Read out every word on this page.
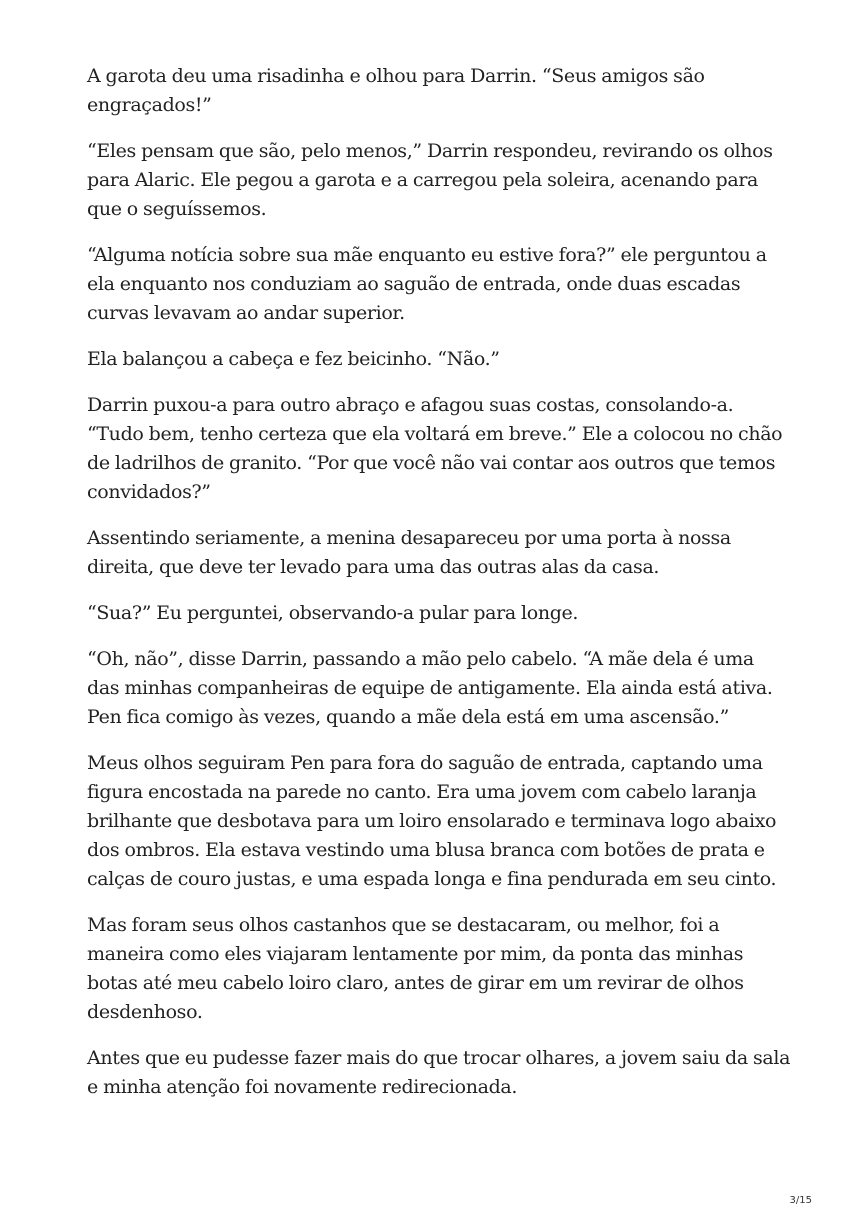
A garota deu uma risadinha e olhou para Darrin. “Seus amigos são
engraçados!”

“Eles pensam que são, pelo menos,” Darrin respondeu, revirando os olhos
para Alaric. Ele pegou a garota e a carregou pela soleira, acenando para
que o seguíssemos.

“Alguma notícia sobre sua mãe enquanto eu estive fora?” ele perguntou a
ela enquanto nos conduziam ao saguão de entrada, onde duas escadas
curvas levavam ao andar superior.

Ela balançou a cabeça e fez beicinho. “Não.”

Darrin puxou-a para outro abraço e afagou suas costas, consolando-a.
“Tudo bem, tenho certeza que ela voltará em breve.” Ele a colocou no chão
de ladrilhos de granito. “Por que você não vai contar aos outros que temos
convidados?”

Assentindo seriamente, a menina desapareceu por uma porta à nossa
direita, que deve ter levado para uma das outras alas da casa.

“Sua?” Eu perguntei, observando-a pular para longe.

“Oh, não”, disse Darrin, passando a mão pelo cabelo. “A mãe dela é uma
das minhas companheiras de equipe de antigamente. Ela ainda está ativa.
Pen fica comigo às vezes, quando a mãe dela está em uma ascensão.”

Meus olhos seguiram Pen para fora do saguão de entrada, captando uma
figura encostada na parede no canto. Era uma jovem com cabelo laranja
brilhante que desbotava para um loiro ensolarado e terminava logo abaixo
dos ombros. Ela estava vestindo uma blusa branca com botões de prata e
calças de couro justas, e uma espada longa e fina pendurada em seu cinto.

Mas foram seus olhos castanhos que se destacaram, ou melhor, foi a
maneira como eles viajaram lentamente por mim, da ponta das minhas
botas até meu cabelo loiro claro, antes de girar em um revirar de olhos
desdenhoso.

Antes que eu pudesse fazer mais do que trocar olhares, a jovem saiu da sala
e minha atenção foi novamente redirecionada.

3/15
